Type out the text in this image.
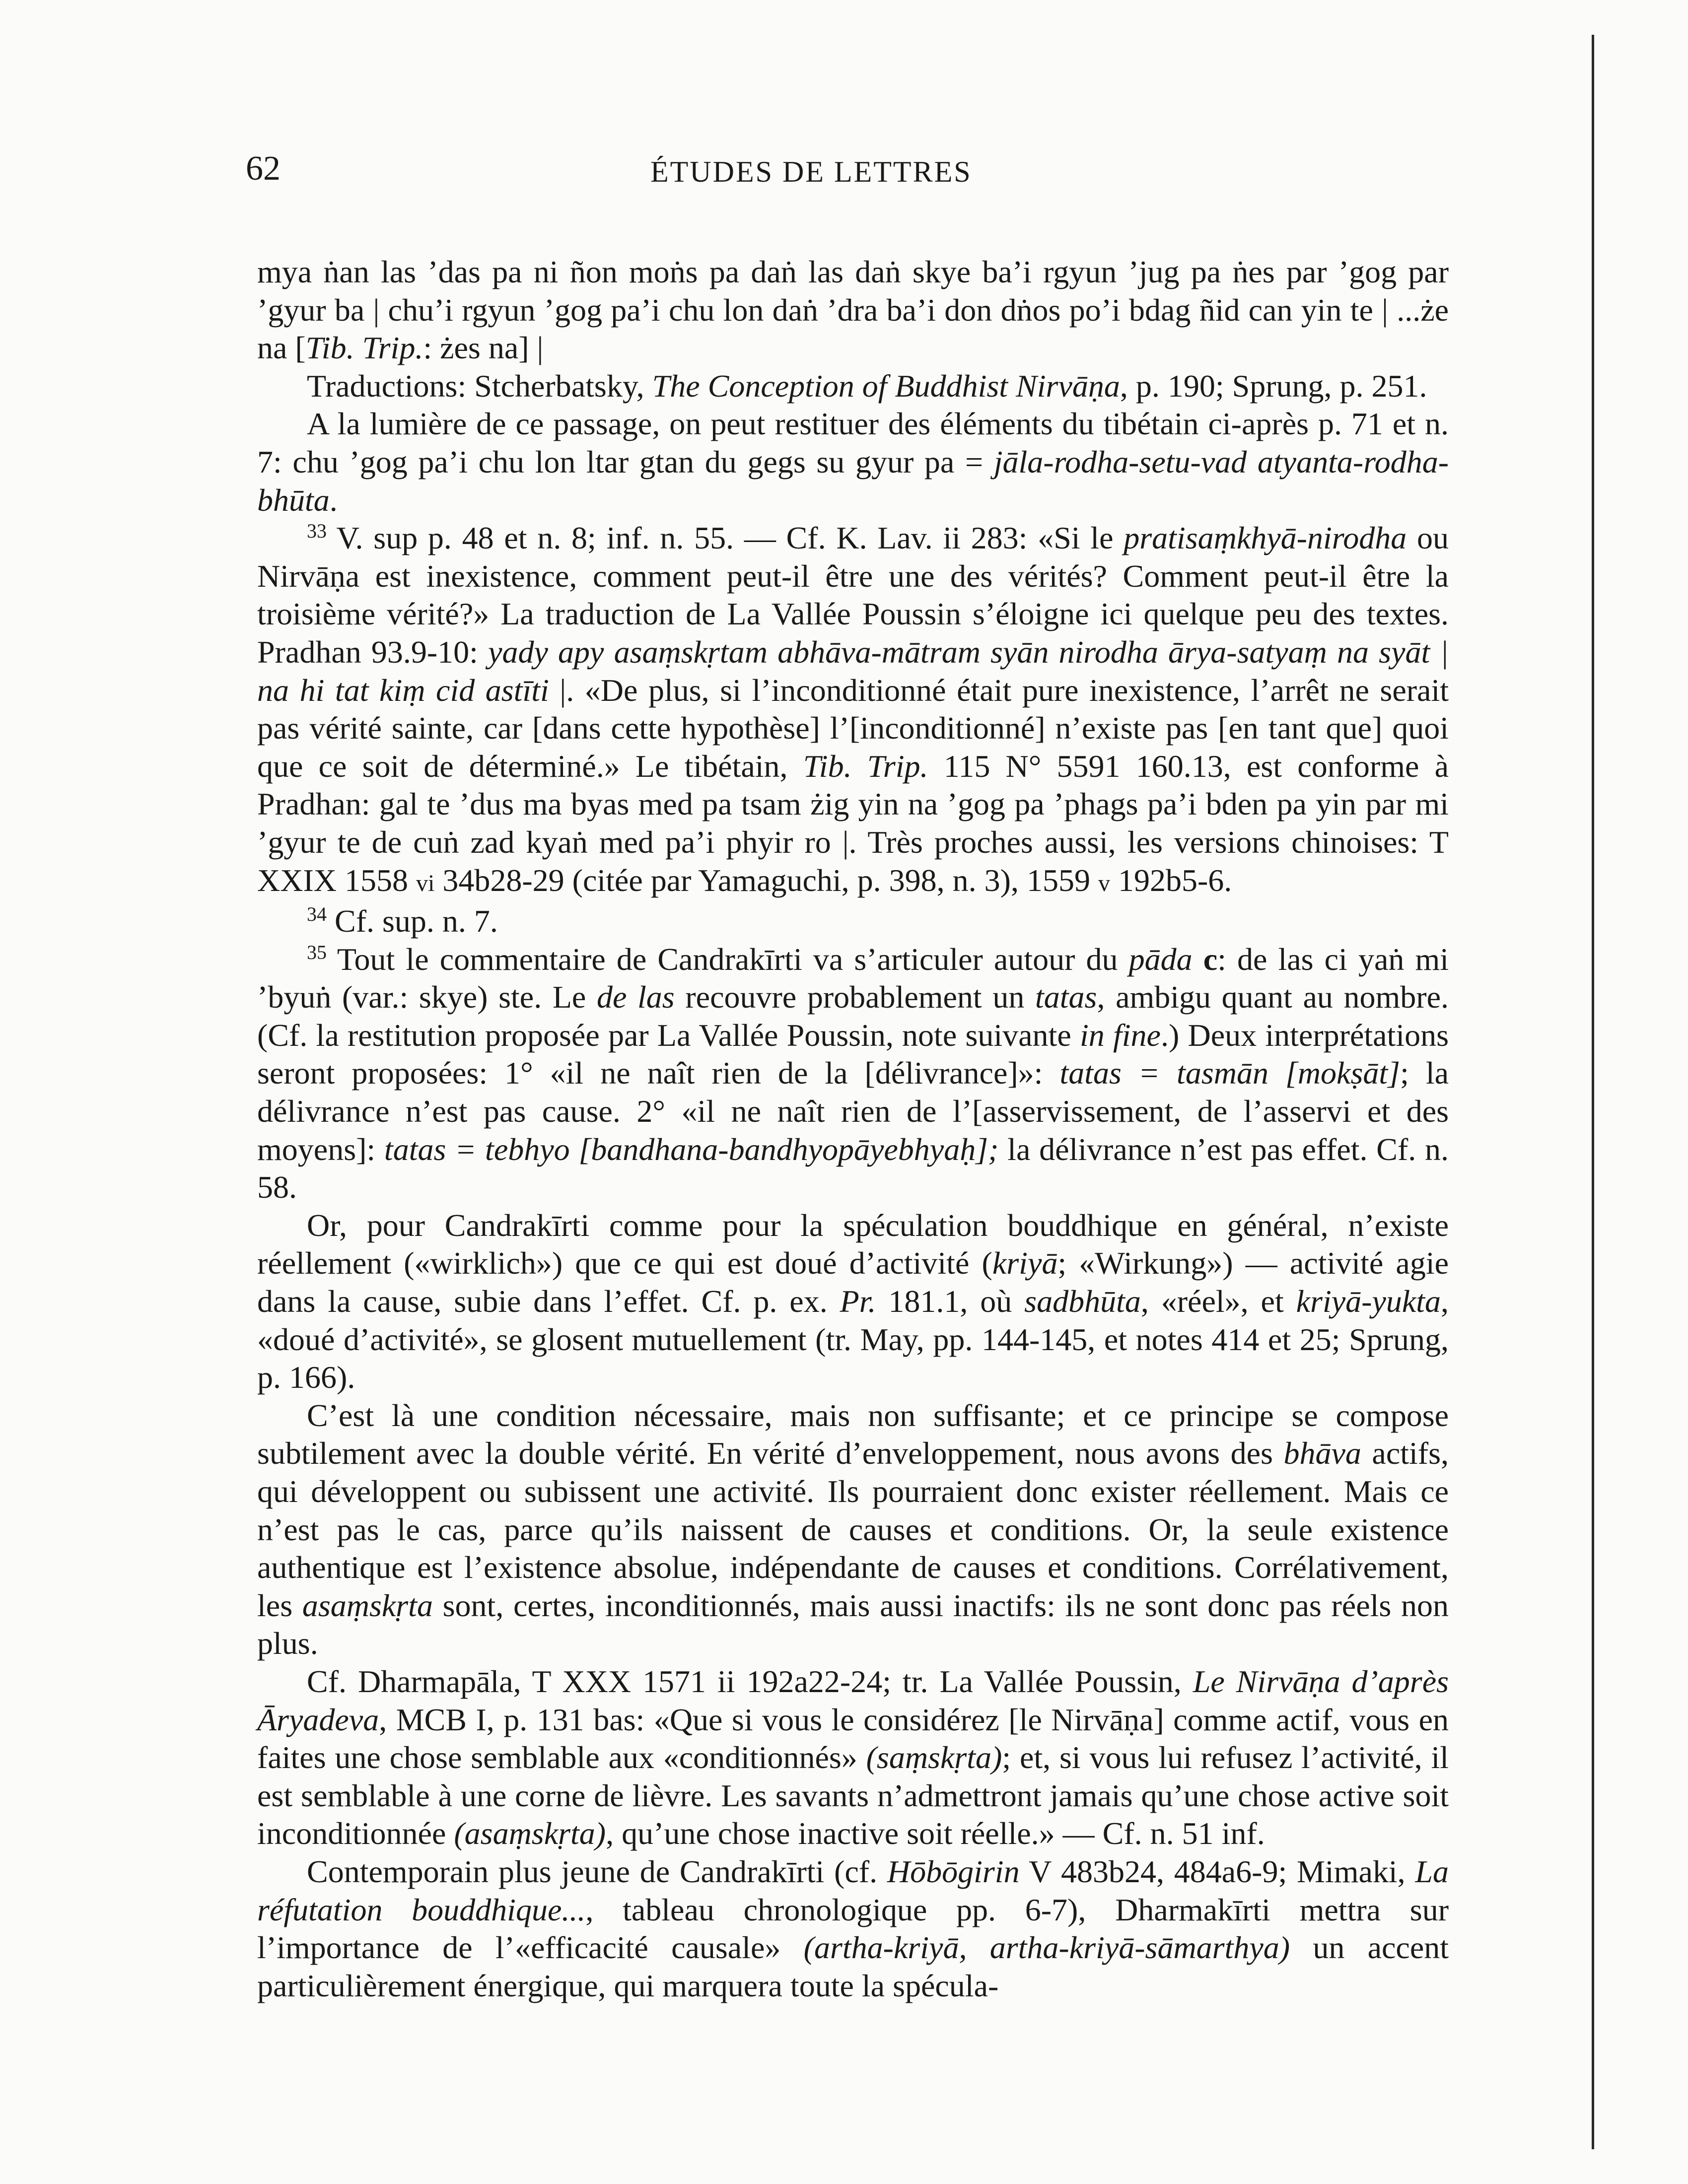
62	ÉTUDES DE LETTRES

mya ṅan las ’das pa ni ñon moṅs pa daṅ las daṅ skye ba’i rgyun ’jug pa ṅes par ’gog par ’gyur ba | chu’i rgyun ’gog pa’i chu lon daṅ ’dra ba’i don dṅos po’i bdag ñid can yin te | ...że na [Tib. Trip.: żes na] |

Traductions: Stcherbatsky, The Conception of Buddhist Nirvāṇa, p. 190; Sprung, p. 251.

A la lumière de ce passage, on peut restituer des éléments du tibétain ci-après p. 71 et n. 7: chu ’gog pa’i chu lon ltar gtan du gegs su gyur pa = jāla-rodha-setu-vad atyanta-rodha-bhūta.

$^{33}$ V. sup p. 48 et n. 8; inf. n. 55. — Cf. K. Lav. ii 283: «Si le pratisaṃkhyā-nirodha ou Nirvāṇa est inexistence, comment peut-il être une des vérités? Comment peut-il être la troisième vérité?» La traduction de La Vallée Poussin s’éloigne ici quelque peu des textes. Pradhan 93.9-10: yady apy asaṃskṛtam abhāva-mātram syān nirodha ārya-satyaṃ na syāt | na hi tat kiṃ cid astīti |. «De plus, si l’inconditionné était pure inexistence, l’arrêt ne serait pas vérité sainte, car [dans cette hypothèse] l’[inconditionné] n’existe pas [en tant que] quoi que ce soit de déterminé.» Le tibétain, Tib. Trip. 115 N° 5591 160.13, est conforme à Pradhan: gal te ’dus ma byas med pa tsam żig yin na ’gog pa ’phags pa’i bden pa yin par mi ’gyur te de cuṅ zad kyaṅ med pa’i phyir ro |. Très proches aussi, les versions chinoises: T XXIX 1558 vi 34b28-29 (citée par Yamaguchi, p. 398, n. 3), 1559 v 192b5-6.

$^{34}$ Cf. sup. n. 7.

$^{35}$ Tout le commentaire de Candrakīrti va s’articuler autour du pāda c: de las ci yaṅ mi ’byuṅ (var.: skye) ste. Le de las recouvre probablement un tatas, ambigu quant au nombre. (Cf. la restitution proposée par La Vallée Poussin, note suivante in fine.) Deux interprétations seront proposées: 1° «il ne naît rien de la [délivrance]»: tatas = tasmān [mokṣāt]; la délivrance n’est pas cause. 2° «il ne naît rien de l’[asservissement, de l’asservi et des moyens]: tatas = tebhyo [bandhana-bandhyopāyebhyaḥ]; la délivrance n’est pas effet. Cf. n. 58.

Or, pour Candrakīrti comme pour la spéculation bouddhique en général, n’existe réellement («wirklich») que ce qui est doué d’activité (kriyā; «Wirkung») — activité agie dans la cause, subie dans l’effet. Cf. p. ex. Pr. 181.1, où sadbhūta, «réel», et kriyā-yukta, «doué d’activité», se glosent mutuellement (tr. May, pp. 144-145, et notes 414 et 25; Sprung, p. 166).

C’est là une condition nécessaire, mais non suffisante; et ce principe se compose subtilement avec la double vérité. En vérité d’enveloppement, nous avons des bhāva actifs, qui développent ou subissent une activité. Ils pourraient donc exister réellement. Mais ce n’est pas le cas, parce qu’ils naissent de causes et conditions. Or, la seule existence authentique est l’existence absolue, indépendante de causes et conditions. Corrélativement, les asaṃskṛta sont, certes, inconditionnés, mais aussi inactifs: ils ne sont donc pas réels non plus.

Cf. Dharmapāla, T XXX 1571 ii 192a22-24; tr. La Vallée Poussin, Le Nirvāṇa d’après Āryadeva, MCB I, p. 131 bas: «Que si vous le considérez [le Nirvāṇa] comme actif, vous en faites une chose semblable aux «conditionnés» (saṃskṛta); et, si vous lui refusez l’activité, il est semblable à une corne de lièvre. Les savants n’admettront jamais qu’une chose active soit inconditionnée (asaṃskṛta), qu’une chose inactive soit réelle.» — Cf. n. 51 inf.

Contemporain plus jeune de Candrakīrti (cf. Hōbōgirin V 483b24, 484a6-9; Mimaki, La réfutation bouddhique..., tableau chronologique pp. 6-7), Dharmakīrti mettra sur l’importance de l’«efficacité causale» (artha-kriyā, artha-kriyā-sāmarthya) un accent particulièrement énergique, qui marquera toute la spécula-
